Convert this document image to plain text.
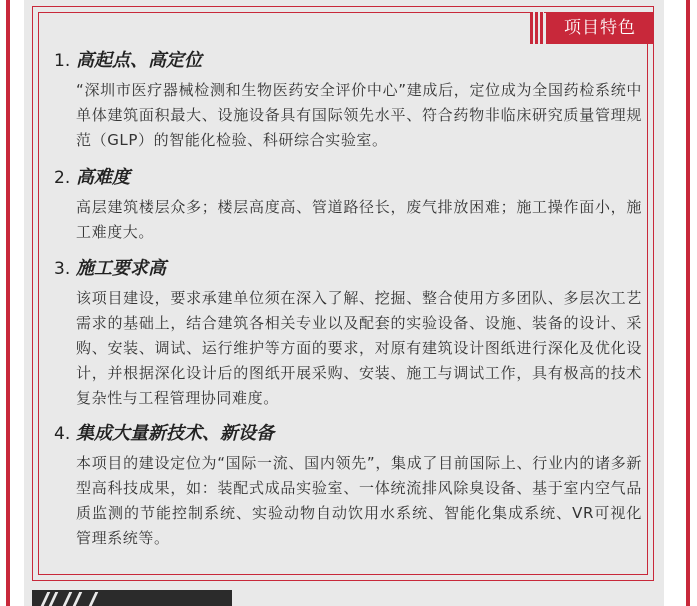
项目特色
1. 高起点、高定位
“深圳市医疗器械检测和生物医药安全评价中心”建成后，定位成为全国药检系统中单体建筑面积最大、设施设备具有国际领先水平、符合药物非临床研究质量管理规范（GLP）的智能化检验、科研综合实验室。
2. 高难度
高层建筑楼层众多；楼层高度高、管道路径长，废气排放困难；施工操作面小，施工难度大。
3. 施工要求高
该项目建设，要求承建单位须在深入了解、挖掘、整合使用方多团队、多层次工艺需求的基础上，结合建筑各相关专业以及配套的实验设备、设施、装备的设计、采购、安装、调试、运行维护等方面的要求，对原有建筑设计图纸进行深化及优化设计，并根据深化设计后的图纸开展采购、安装、施工与调试工作，具有极高的技术复杂性与工程管理协同难度。
4. 集成大量新技术、新设备
本项目的建设定位为“国际一流、国内领先”，集成了目前国际上、行业内的诸多新型高科技成果，如：装配式成品实验室、一体统流排风除臭设备、基于室内空气品质监测的节能控制系统、实验动物自动饮用水系统、智能化集成系统、VR可视化管理系统等。
